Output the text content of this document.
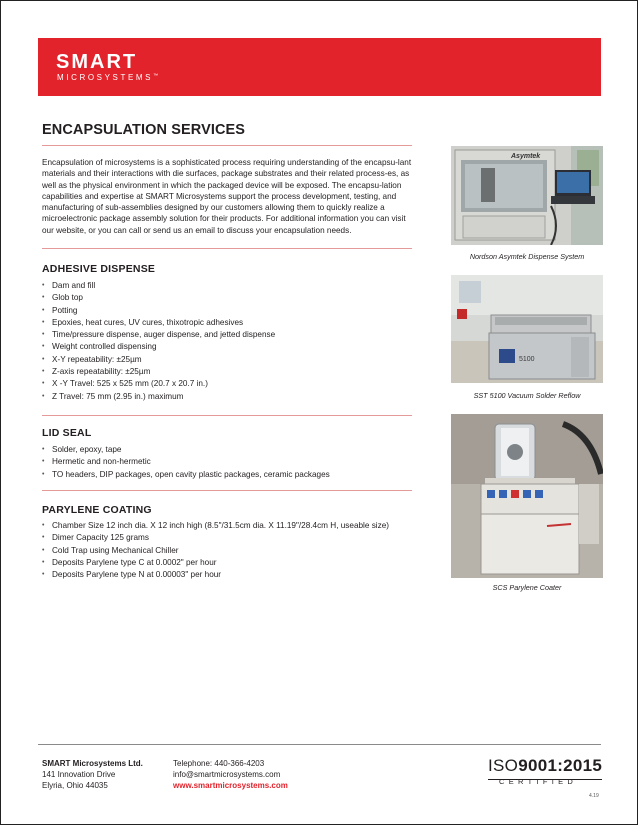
SMART
MICROSYSTEMS™
ENCAPSULATION SERVICES
Encapsulation of microsystems is a sophisticated process requiring understanding of the encapsu-lant materials and their interactions with die surfaces, package substrates and their related process-es, as well as the physical environment in which the packaged device will be exposed. The encapsu-lation capabilities and expertise at SMART Microsystems support the process development, testing, and manufacturing of sub-assemblies designed by our customers allowing them to quickly realize a microelectronic package assembly solution for their products. For additional information you can visit our website, or you can call or send us an email to discuss your encapsulation needs.
ADHESIVE DISPENSE
• Dam and fill
• Glob top
• Potting
• Epoxies, heat cures, UV cures, thixotropic adhesives
• Time/pressure dispense, auger dispense, and jetted dispense
• Weight controlled dispensing
• X-Y repeatability: ±25µm
• Z-axis repeatability: ±25µm
• X -Y Travel: 525 x 525 mm (20.7 x 20.7 in.)
• Z Travel: 75 mm (2.95 in.) maximum
LID SEAL
• Solder, epoxy, tape
• Hermetic and non-hermetic
• TO headers, DIP packages, open cavity plastic packages, ceramic packages
PARYLENE COATING
• Chamber Size 12 inch dia. X 12 inch high (8.5"/31.5cm dia. X 11.19"/28.4cm H, useable size)
• Dimer Capacity 125 grams
• Cold Trap using Mechanical Chiller
• Deposits Parylene type C at 0.0002" per hour
• Deposits Parylene type N at 0.00003" per hour
Asymtek
Nordson Asymtek Dispense System
5100
SST 5100 Vacuum Solder Reflow
SCS Parylene Coater
SMART Microsystems Ltd.
141 Innovation Drive
Elyria, Ohio 44035
Telephone: 440-366-4203
info@smartmicrosystems.com
www.smartmicrosystems.com
ISO9001:2015
CERTIFIED
4.19
